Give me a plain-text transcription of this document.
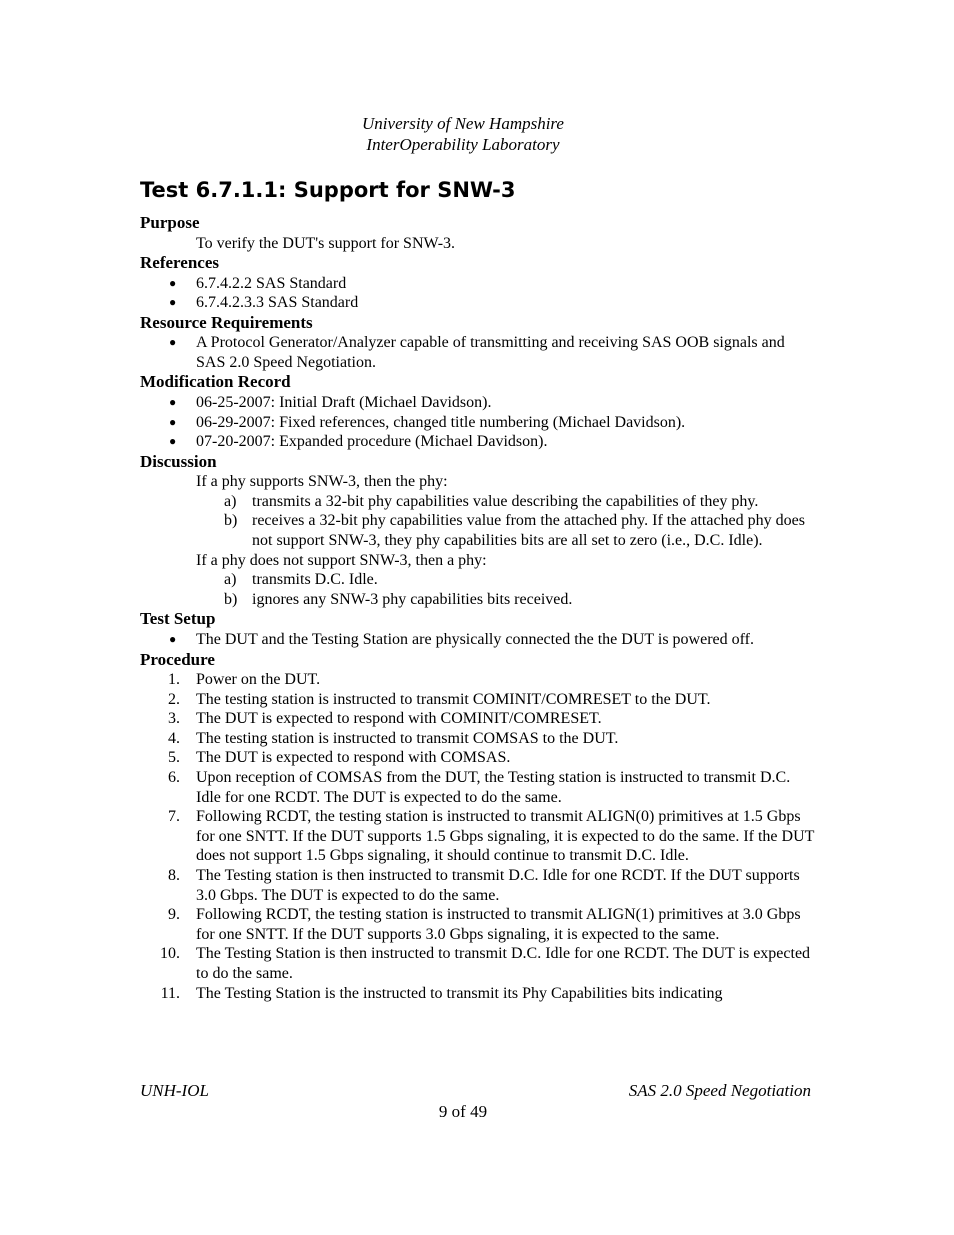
University of New Hampshire
InterOperability Laboratory
Test 6.7.1.1: Support for SNW-3
Purpose
To verify the DUT's support for SNW-3.
References
● 6.7.4.2.2 SAS Standard
● 6.7.4.2.3.3 SAS Standard
Resource Requirements
● A Protocol Generator/Analyzer capable of transmitting and receiving SAS OOB signals and SAS 2.0 Speed Negotiation.
Modification Record
● 06-25-2007: Initial Draft (Michael Davidson).
● 06-29-2007: Fixed references, changed title numbering (Michael Davidson).
● 07-20-2007: Expanded procedure (Michael Davidson).
Discussion
If a phy supports SNW-3, then the phy:
a) transmits a 32-bit phy capabilities value describing the capabilities of they phy.
b) receives a 32-bit phy capabilities value from the attached phy. If the attached phy does not support SNW-3, they phy capabilities bits are all set to zero (i.e., D.C. Idle).
If a phy does not support SNW-3, then a phy:
a) transmits D.C. Idle.
b) ignores any SNW-3 phy capabilities bits received.
Test Setup
● The DUT and the Testing Station are physically connected the the DUT is powered off.
Procedure
1. Power on the DUT.
2. The testing station is instructed to transmit COMINIT/COMRESET to the DUT.
3. The DUT is expected to respond with COMINIT/COMRESET.
4. The testing station is instructed to transmit COMSAS to the DUT.
5. The DUT is expected to respond with COMSAS.
6. Upon reception of COMSAS from the DUT, the Testing station is instructed to transmit D.C. Idle for one RCDT. The DUT is expected to do the same.
7. Following RCDT, the testing station is instructed to transmit ALIGN(0) primitives at 1.5 Gbps for one SNTT. If the DUT supports 1.5 Gbps signaling, it is expected to do the same. If the DUT does not support 1.5 Gbps signaling, it should continue to transmit D.C. Idle.
8. The Testing station is then instructed to transmit D.C. Idle for one RCDT. If the DUT supports 3.0 Gbps. The DUT is expected to do the same.
9. Following RCDT, the testing station is instructed to transmit ALIGN(1) primitives at 3.0 Gbps for one SNTT. If the DUT supports 3.0 Gbps signaling, it is expected to the same.
10. The Testing Station is then instructed to transmit D.C. Idle for one RCDT. The DUT is expected to do the same.
11. The Testing Station is the instructed to transmit its Phy Capabilities bits indicating
UNH-IOL	SAS 2.0 Speed Negotiation
9 of 49
